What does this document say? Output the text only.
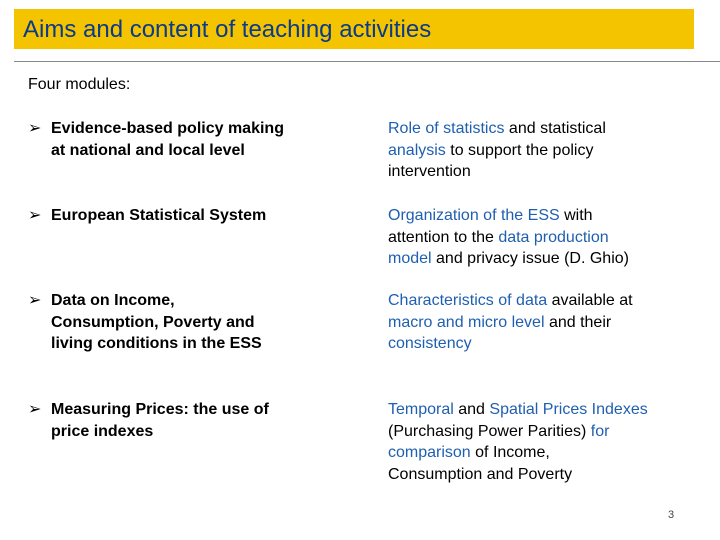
Aims and content of teaching activities
Four modules:
➢ Evidence-based policy making
at national and local level
Role of statistics and statistical
analysis to support the policy
intervention
➢ European Statistical System	Organization of the ESS with
attention to the data production
model and privacy issue (D. Ghio)
➢ Data on Income,
Consumption, Poverty and
living conditions in the ESS
Characteristics of data available at
macro and micro level and their
consistency
➢ Measuring Prices: the use of
price indexes
Temporal and Spatial Prices Indexes
(Purchasing Power Parities) for
comparison of Income,
Consumption and Poverty
3
